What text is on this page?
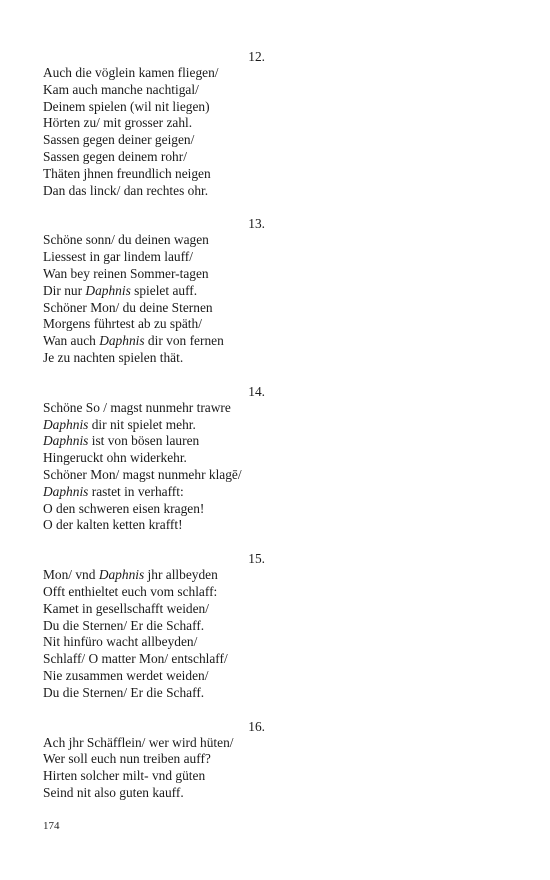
12.
Auch die vöglein kamen fliegen/
Kam auch manche nachtigal/
Deinem spielen (wil nit liegen)
Hörten zu/ mit grosser zahl.
Sassen gegen deiner geigen/
Sassen gegen deinem rohr/
Thäten jhnen freundlich neigen
Dan das linck/ dan rechtes ohr.
13.
Schöne sonn/ du deinen wagen
Liessest in gar lindem lauff/
Wan bey reinen Sommer-tagen
Dir nur Daphnis spielet auff.
Schöner Mon/ du deine Sternen
Morgens führtest ab zu späth/
Wan auch Daphnis dir von fernen
Je zu nachten spielen thät.
14.
Schöne So / magst nunmehr trawre
Daphnis dir nit spielet mehr.
Daphnis ist von bösen lauren
Hingeruckt ohn widerkehr.
Schöner Mon/ magst nunmehr klagē/
Daphnis rastet in verhafft:
O den schweren eisen kragen!
O der kalten ketten krafft!
15.
Mon/ vnd Daphnis jhr allbeyden
Offt enthieltet euch vom schlaff:
Kamet in gesellschafft weiden/
Du die Sternen/ Er die Schaff.
Nit hinfüro wacht allbeyden/
Schlaff/ O matter Mon/ entschlaff/
Nie zusammen werdet weiden/
Du die Sternen/ Er die Schaff.
16.
Ach jhr Schäfflein/ wer wird hüten/
Wer soll euch nun treiben auff?
Hirten solcher milt- vnd güten
Seind nit also guten kauff.
174
